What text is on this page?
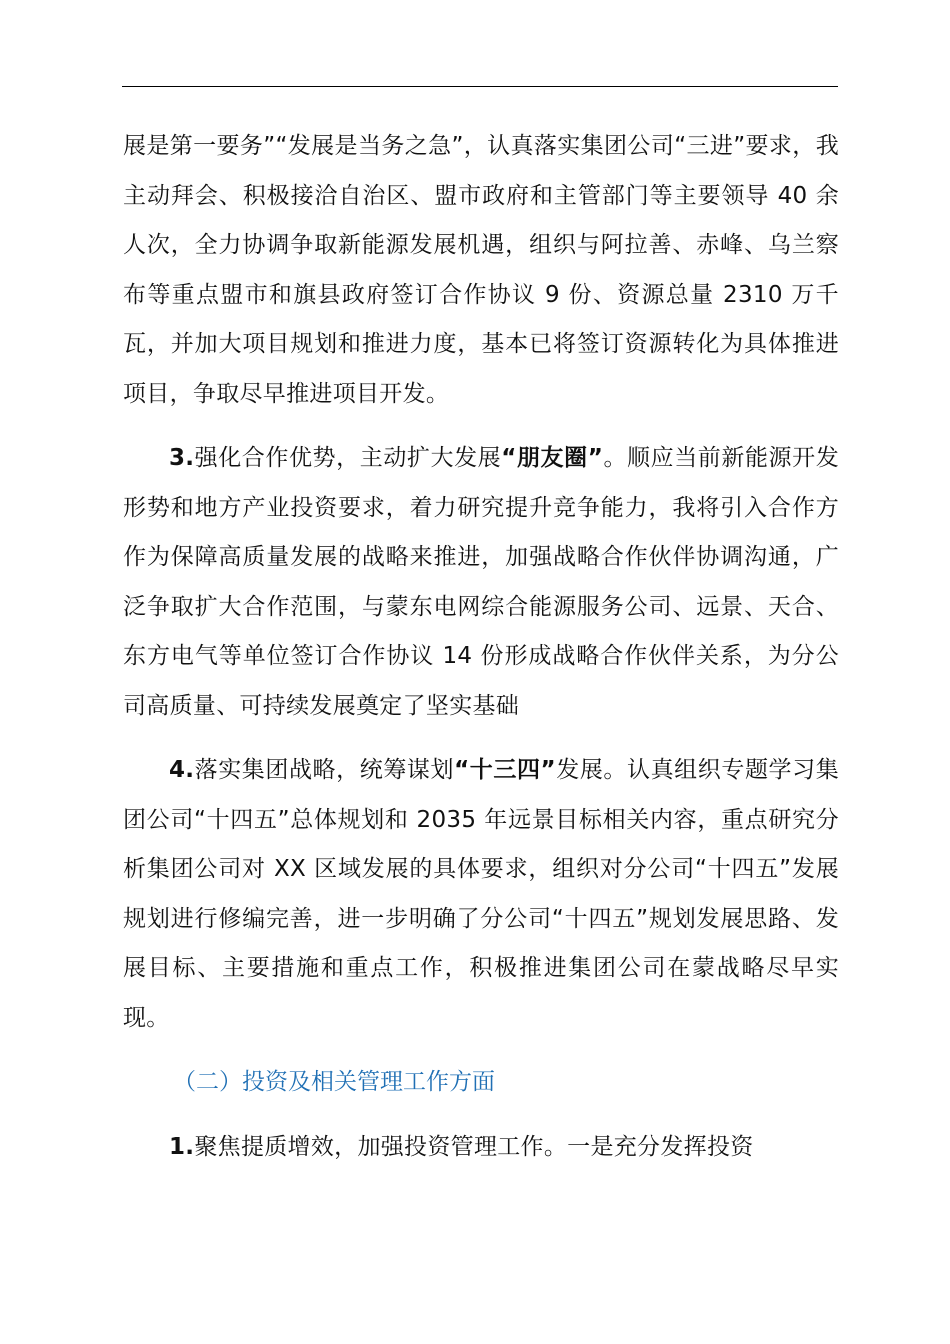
展是第一要务”“发展是当务之急”，认真落实集团公司“三进”要求，我主动拜会、积极接洽自治区、盟市政府和主管部门等主要领导 40 余人次，全力协调争取新能源发展机遇，组织与阿拉善、赤峰、乌兰察布等重点盟市和旗县政府签订合作协议 9 份、资源总量 2310 万千瓦，并加大项目规划和推进力度，基本已将签订资源转化为具体推进项目，争取尽早推进项目开发。

3.强化合作优势，主动扩大发展“朋友圈”。顺应当前新能源开发形势和地方产业投资要求，着力研究提升竞争能力，我将引入合作方作为保障高质量发展的战略来推进，加强战略合作伙伴协调沟通，广泛争取扩大合作范围，与蒙东电网综合能源服务公司、远景、天合、东方电气等单位签订合作协议 14 份形成战略合作伙伴关系，为分公司高质量、可持续发展奠定了坚实基础

4.落实集团战略，统筹谋划“十三四”发展。认真组织专题学习集团公司“十四五”总体规划和 2035 年远景目标相关内容，重点研究分析集团公司对 XX 区域发展的具体要求，组织对分公司“十四五”发展规划进行修编完善，进一步明确了分公司“十四五”规划发展思路、发展目标、主要措施和重点工作，积极推进集团公司在蒙战略尽早实现。

（二）投资及相关管理工作方面

1.聚焦提质增效，加强投资管理工作。一是充分发挥投资
